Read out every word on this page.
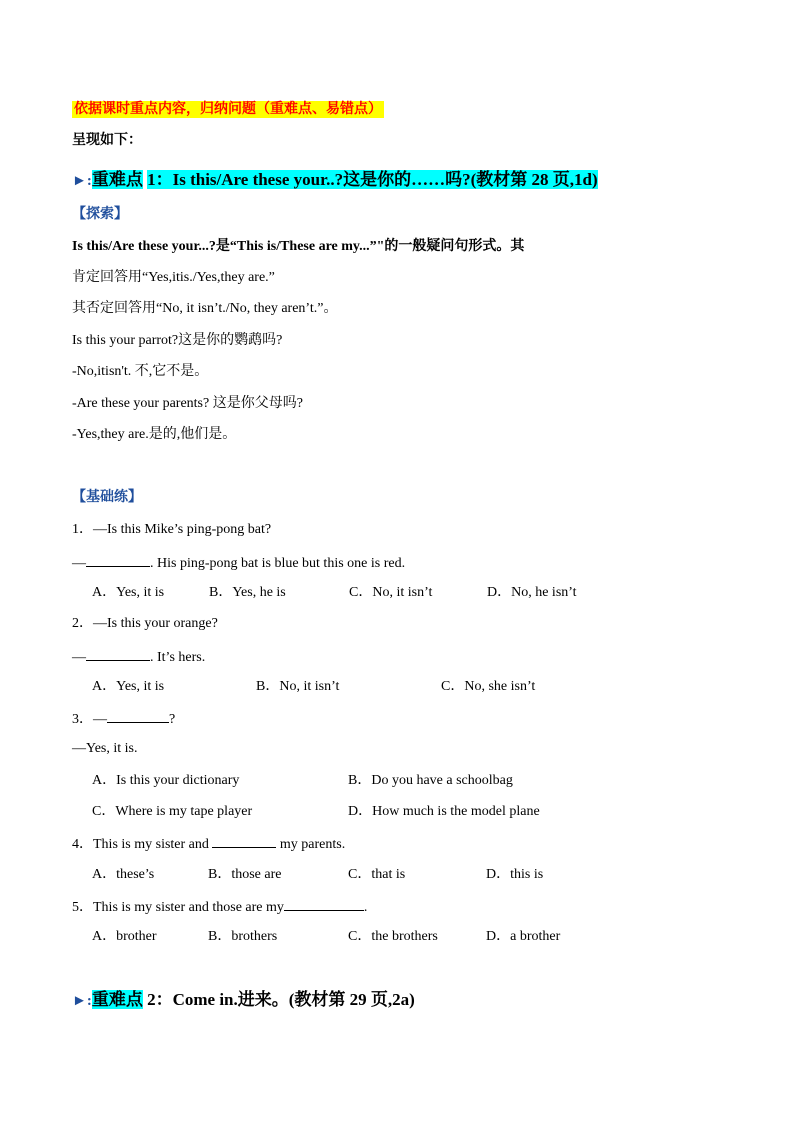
依据课时重点内容，归纳问题（重难点、易错点）
呈现如下：
►:重难点 1：Is this/Are these your..?这是你的……吗?(教材第 28 页,1d)
【探索】
Is this/Are these your...?是“This is/These are my...”"的一般疑问句形式。其
肯定回答用“Yes,itis./Yes,they are.”
其否定回答用“No, it isn’t./No, they aren’t.”。
Is this your parrot?这是你的鹦鹉吗?
-No,itisn't. 不,它不是。
-Are these your parents? 这是你父母吗?
-Yes,they are.是的,他们是。
【基础练】
1．—Is this Mike’s ping-pong bat?
—	. His ping-pong bat is blue but this one is red.
A．Yes, it is	B．Yes, he is	C．No, it isn’t	D．No, he isn’t
2．—Is this your orange?
—	. It’s hers.
A．Yes, it is	B．No, it isn’t	C．No, she isn’t
3．—	?
—Yes, it is.
A．Is this your dictionary	B．Do you have a schoolbag
C．Where is my tape player	D．How much is the model plane
4．This is my sister and	my parents.
A．these’s	B．those are	C．that is	D．this is
5．This is my sister and those are my	.
A．brother	B．brothers	C．the brothers	D．a brother
►:重难点 2：Come in.进来。(教材第 29 页,2a)
